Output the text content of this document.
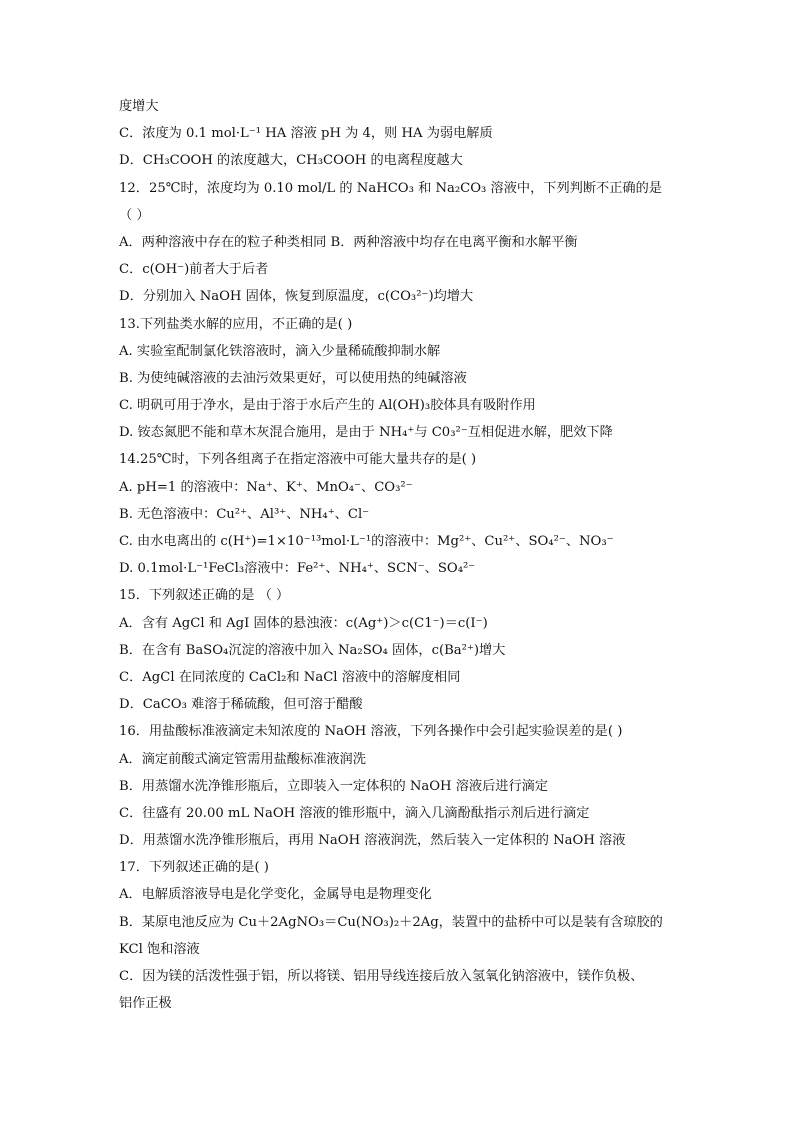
度增大
C．浓度为 0.1 mol·L⁻¹ HA 溶液 pH 为 4，则 HA 为弱电解质
D．CH₃COOH 的浓度越大，CH₃COOH 的电离程度越大
12．25℃时，浓度均为 0.10 mol/L 的 NaHCO₃ 和 Na₂CO₃ 溶液中，下列判断不正确的是
（ ）
A．两种溶液中存在的粒子种类相同 B．两种溶液中均存在电离平衡和水解平衡
C．c(OH⁻)前者大于后者
D．分别加入 NaOH 固体，恢复到原温度，c(CO₃²⁻)均增大
13.下列盐类水解的应用，不正确的是( )
A. 实验室配制氯化铁溶液时，滴入少量稀硫酸抑制水解
B. 为使纯碱溶液的去油污效果更好，可以使用热的纯碱溶液
C. 明矾可用于净水，是由于溶于水后产生的 Al(OH)₃胶体具有吸附作用
D. 铵态氮肥不能和草木灰混合施用，是由于 NH₄⁺与 C0₃²⁻互相促进水解，肥效下降
14.25℃时，下列各组离子在指定溶液中可能大量共存的是( )
A. pH=1 的溶液中：Na⁺、K⁺、MnO₄⁻、CO₃²⁻
B. 无色溶液中：Cu²⁺、Al³⁺、NH₄⁺、Cl⁻
C. 由水电离出的 c(H⁺)=1×10⁻¹³mol·L⁻¹的溶液中：Mg²⁺、Cu²⁺、SO₄²⁻、NO₃⁻
D. 0.1mol·L⁻¹FeCl₃溶液中：Fe²⁺、NH₄⁺、SCN⁻、SO₄²⁻
15．下列叙述正确的是 （ ）
A．含有 AgCl 和 AgI 固体的悬浊液：c(Ag⁺)＞c(C1⁻)＝c(I⁻)
B．在含有 BaSO₄沉淀的溶液中加入 Na₂SO₄ 固体，c(Ba²⁺)增大
C．AgCl 在同浓度的 CaCl₂和 NaCl 溶液中的溶解度相同
D．CaCO₃ 难溶于稀硫酸，但可溶于醋酸
16．用盐酸标准液滴定未知浓度的 NaOH 溶液，下列各操作中会引起实验误差的是( )
A．滴定前酸式滴定管需用盐酸标准液润洗
B．用蒸馏水洗净锥形瓶后，立即装入一定体积的 NaOH 溶液后进行滴定
C．往盛有 20.00 mL NaOH 溶液的锥形瓶中，滴入几滴酚酞指示剂后进行滴定
D．用蒸馏水洗净锥形瓶后，再用 NaOH 溶液润洗，然后装入一定体积的 NaOH 溶液
17．下列叙述正确的是( )
A．电解质溶液导电是化学变化，金属导电是物理变化
B．某原电池反应为 Cu＋2AgNO₃＝Cu(NO₃)₂＋2Ag，装置中的盐桥中可以是装有含琼胶的
KCl 饱和溶液
C．因为镁的活泼性强于铝，所以将镁、铝用导线连接后放入氢氧化钠溶液中，镁作负极、
铝作正极
